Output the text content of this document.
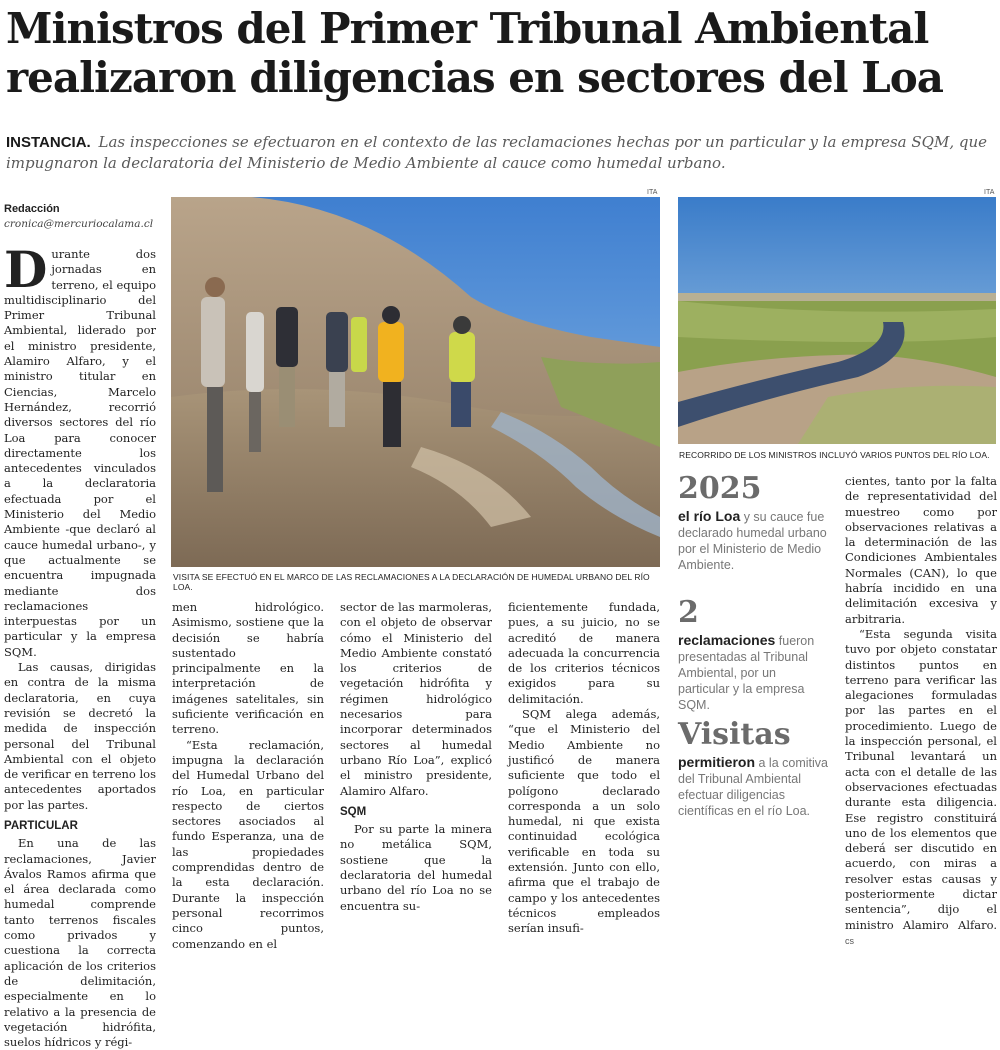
Ministros del Primer Tribunal Ambiental
realizaron diligencias en sectores del Loa

INSTANCIA. Las inspecciones se efectuaron en el contexto de las reclamaciones hechas por un particular y la empresa SQM, que impugnaron la declaratoria del Ministerio de Medio Ambiente al cauce como humedal urbano.

Redacción
cronica@mercuriocalama.cl

Durante dos jornadas en terreno, el equipo multidisciplinario del Primer Tribunal Ambiental, liderado por el ministro presidente, Alamiro Alfaro, y el ministro titular en Ciencias, Marcelo Hernández, recorrió diversos sectores del río Loa para conocer directamente los antecedentes vinculados a la declaratoria efectuada por el Ministerio del Medio Ambiente -que declaró al cauce humedal urbano-, y que actualmente se encuentra impugnada mediante dos reclamaciones interpuestas por un particular y la empresa SQM.

Las causas, dirigidas en contra de la misma declaratoria, en cuya revisión se decretó la medida de inspección personal del Tribunal Ambiental con el objeto de verificar en terreno los antecedentes aportados por las partes.

PARTICULAR

En una de las reclamaciones, Javier Ávalos Ramos afirma que el área declarada como humedal comprende tanto terrenos fiscales como privados y cuestiona la correcta aplicación de los criterios de delimitación, especialmente en lo relativo a la presencia de vegetación hidrófita, suelos hídricos y régi-

ITA
VISITA SE EFECTUÓ EN EL MARCO DE LAS RECLAMACIONES A LA DECLARACIÓN DE HUMEDAL URBANO DEL RÍO LOA.
ITA
RECORRIDO DE LOS MINISTROS INCLUYÓ VARIOS PUNTOS DEL RÍO LOA.

men hidrológico. Asimismo, sostiene que la decisión se habría sustentado principalmente en la interpretación de imágenes satelitales, sin suficiente verificación en terreno.

“Esta reclamación, impugna la declaración del Humedal Urbano del río Loa, en particular respecto de ciertos sectores asociados al fundo Esperanza, una de las propiedades comprendidas dentro de la esta declaración. Durante la inspección personal recorrimos cinco puntos, comenzando en el

sector de las marmoleras, con el objeto de observar cómo el Ministerio del Medio Ambiente constató los criterios de vegetación hidrófita y régimen hidrológico necesarios para incorporar determinados sectores al humedal urbano Río Loa”, explicó el ministro presidente, Alamiro Alfaro.

SQM

Por su parte la minera no metálica SQM, sostiene que la declaratoria del humedal urbano del río Loa no se encuentra su-

ficientemente fundada, pues, a su juicio, no se acreditó de manera adecuada la concurrencia de los criterios técnicos exigidos para su delimitación.

SQM alega además, “que el Ministerio del Medio Ambiente no justificó de manera suficiente que todo el polígono declarado corresponda a un solo humedal, ni que exista continuidad ecológica verificable en toda su extensión. Junto con ello, afirma que el trabajo de campo y los antecedentes técnicos empleados serían insufi-

2025
el río Loa y su cauce fue declarado humedal urbano por el Ministerio de Medio Ambiente.
2
reclamaciones fueron presentadas al Tribunal Ambiental, por un particular y la empresa SQM.
Visitas
permitieron a la comitiva del Tribunal Ambiental efectuar diligencias científicas en el río Loa.

cientes, tanto por la falta de representatividad del muestreo como por observaciones relativas a la determinación de las Condiciones Ambientales Normales (CAN), lo que habría incidido en una delimitación excesiva y arbitraria.

“Esta segunda visita tuvo por objeto constatar distintos puntos en terreno para verificar las alegaciones formuladas por las partes en el procedimiento. Luego de la inspección personal, el Tribunal levantará un acta con el detalle de las observaciones efectuadas durante esta diligencia. Ese registro constituirá uno de los elementos que deberá ser discutido en acuerdo, con miras a resolver estas causas y posteriormente dictar sentencia”, dijo el ministro Alamiro Alfaro. cs
